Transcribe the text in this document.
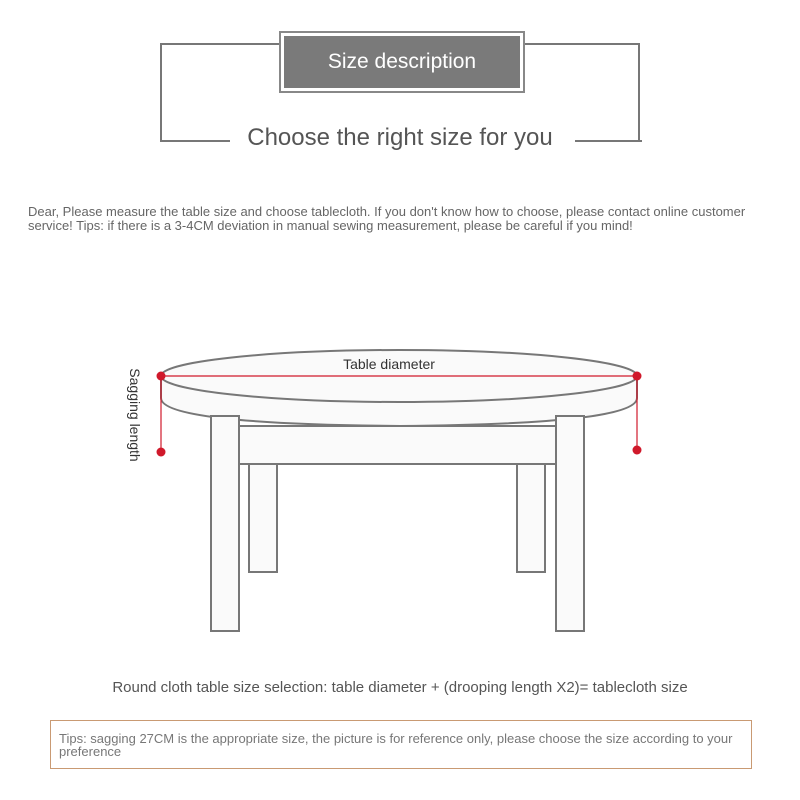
Size description
Choose the right size for you
Dear, Please measure the table size and choose tablecloth. If you don't know how to choose, please contact online customer service! Tips: if there is a 3-4CM deviation in manual sewing measurement, please be careful if you mind!
Table diameter
Sagging length
Round cloth table size selection: table diameter + (drooping length X2)= tablecloth size
Tips: sagging 27CM is the appropriate size, the picture is for reference only, please choose the size according to your preference
